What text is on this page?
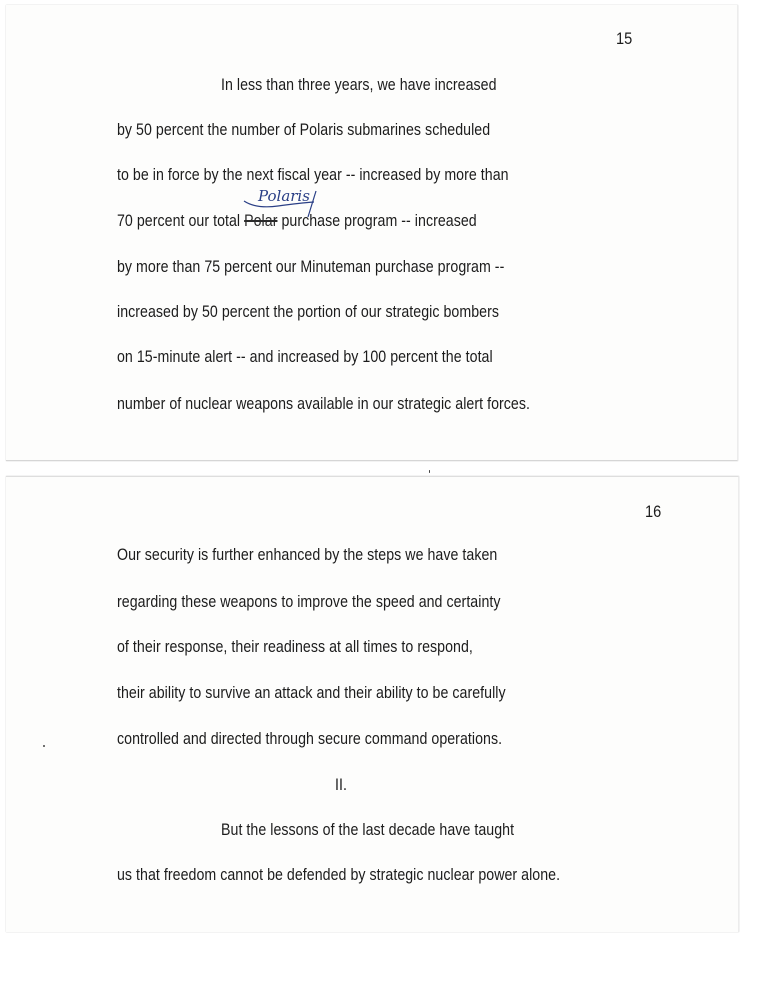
15

In less than three years, we have increased

by 50 percent the number of Polaris submarines scheduled

to be in force by the next fiscal year -- increased by more than

70 percent our total Polar purchase program -- increased

by more than 75 percent our Minuteman purchase program --

increased by 50 percent the portion of our strategic bombers

on 15-minute alert -- and increased by 100 percent the total

number of nuclear weapons available in our strategic alert forces.

Polaris

16

Our security is further enhanced by the steps we have taken

regarding these weapons to improve the speed and certainty

of their response, their readiness at all times to respond,

their ability to survive an attack and their ability to be carefully

controlled and directed through secure command operations.

II.

But the lessons of the last decade have taught

us that freedom cannot be defended by strategic nuclear power alone.
